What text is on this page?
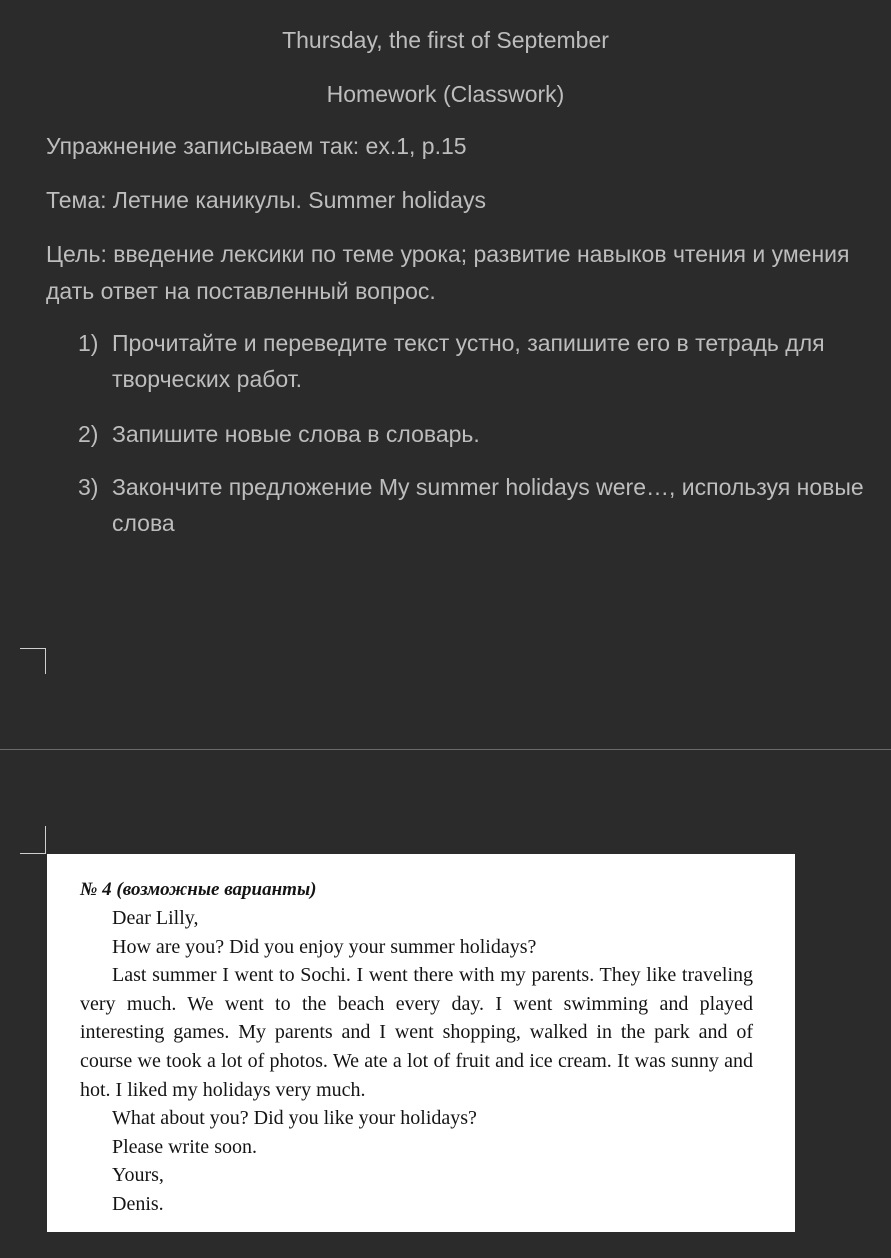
Thursday, the first of September
Homework (Classwork)
Упражнение записываем так: ex.1, p.15
Тема: Летние каникулы. Summer holidays
Цель: введение лексики по теме урока; развитие навыков чтения и умения дать ответ на поставленный вопрос.
1) Прочитайте и переведите текст устно, запишите его в тетрадь для творческих работ.
2) Запишите новые слова в словарь.
3) Закончите предложение My summer holidays were…, используя новые слова
№ 4 (возможные варианты)
Dear Lilly,
How are you? Did you enjoy your summer holidays?
Last summer I went to Sochi. I went there with my parents. They like traveling very much. We went to the beach every day. I went swimming and played interesting games. My parents and I went shopping, walked in the park and of course we took a lot of photos. We ate a lot of fruit and ice cream. It was sunny and hot. I liked my holidays very much.
What about you? Did you like your holidays?
Please write soon.
Yours,
Denis.
